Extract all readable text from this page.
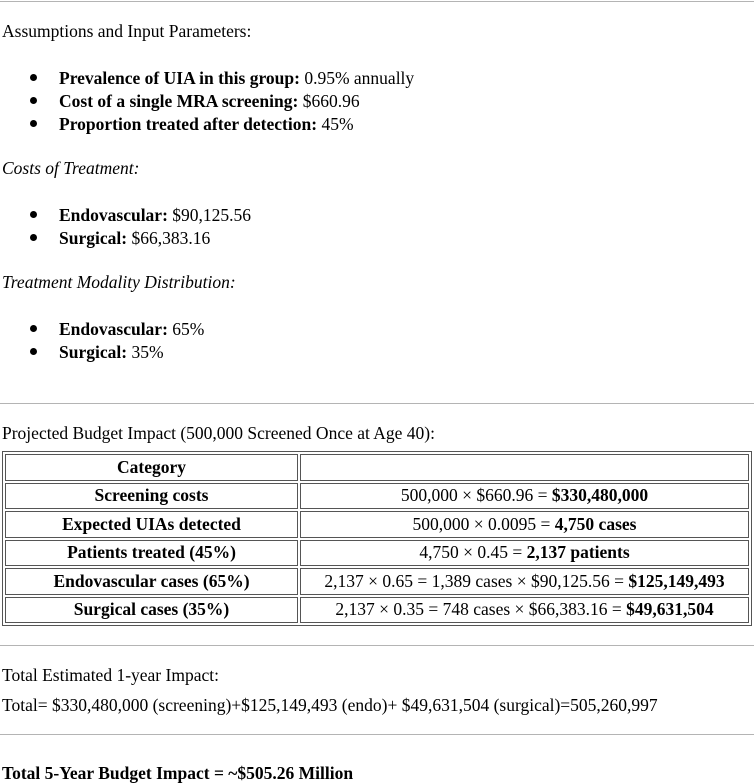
Assumptions and Input Parameters:
Prevalence of UIA in this group: 0.95% annually
Cost of a single MRA screening: $660.96
Proportion treated after detection: 45%
Costs of Treatment:
Endovascular: $90,125.56
Surgical: $66,383.16
Treatment Modality Distribution:
Endovascular: 65%
Surgical: 35%
Projected Budget Impact (500,000 Screened Once at Age 40):
Category	
Screening costs	500,000 × $660.96 = $330,480,000
Expected UIAs detected	500,000 × 0.0095 = 4,750 cases
Patients treated (45%)	4,750 × 0.45 = 2,137 patients
Endovascular cases (65%)	2,137 × 0.65 = 1,389 cases × $90,125.56 = $125,149,493
Surgical cases (35%)	2,137 × 0.35 = 748 cases × $66,383.16 = $49,631,504
Total Estimated 1-year Impact:
Total= $330,480,000 (screening)+$125,149,493 (endo)+ $49,631,504 (surgical)=505,260,997
Total 5-Year Budget Impact = ~$505.26 Million
